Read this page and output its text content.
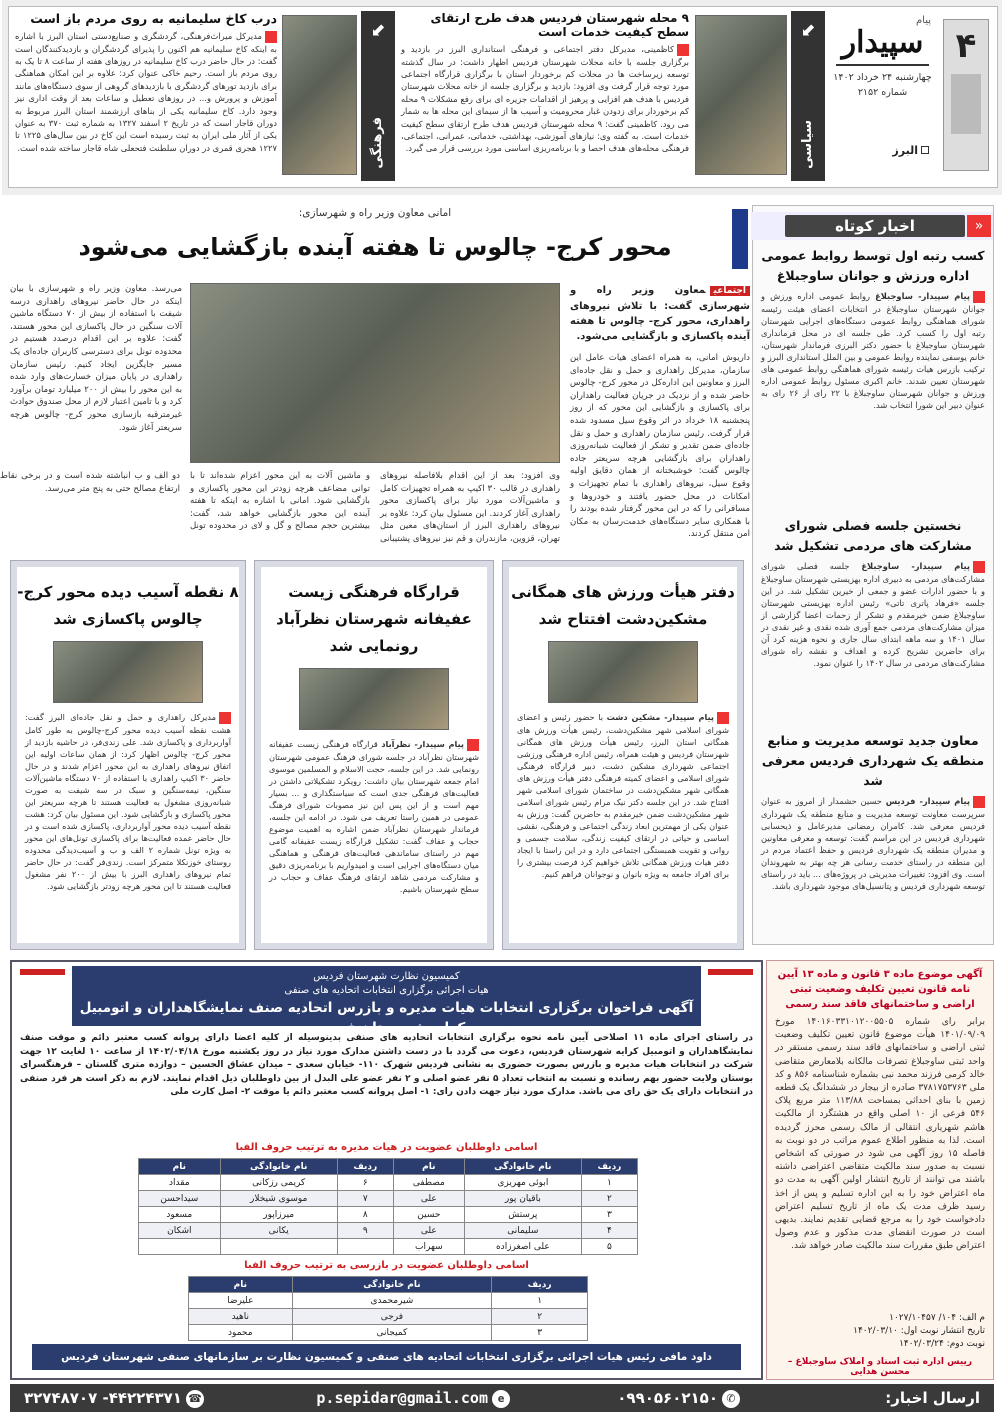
۴
پیام
سپیدار
چهارشنبه ۲۴ خرداد ۱۴۰۲
شماره ۲۱۵۲
البرز
⬋
سیاسی
۹ محله شهرستان فردیس هدف طرح ارتقای سطح کیفیت خدمات است
کاظمینی، مدیرکل دفتر اجتماعی و فرهنگی استانداری البرز در بازدید و برگزاری جلسه با خانه محلات شهرستان فردیس اظهار داشت: در سال گذشته توسعه زیرساخت ها در محلات کم برخوردار استان با برگزاری قرارگاه اجتماعی مورد توجه قرار گرفت وی افزود: بازدید و برگزاری جلسه از خانه محلات شهرستان فردیس با هدف هم افزایی و پرهیز از اقدامات جزیره ای برای رفع مشکلات ۹ محله کم برخوردار برای زدودن غبار محرومیت و آسیب ها از سیمای این محله ها به شمار می رود. کاظمینی گفت: ۹ محله شهرستان فردیس هدف طرح ارتقای سطح کیفیت خدمات است. به گفته وی: نیازهای آموزشی، بهداشتی، خدماتی، عمرانی، اجتماعی، فرهنگی محله‌های هدف احصا و با برنامه‌ریزی اساسی مورد بررسی قرار می گیرد.
⬋
فرهنگی
درب کاخ سلیمانیه به روی مردم باز است
مدیرکل میراث‌فرهنگی، گردشگری و صنایع‌دستی استان البرز با اشاره به اینکه کاخ سلیمانیه هم اکنون را پذیرای گردشگران و بازدیدکنندگان است گفت: در حال حاضر درب کاخ سلیمانیه در روزهای هفته از ساعت ۸ تا یک به روی مردم باز است. رحیم خاکی عنوان کرد: علاوه بر این امکان هماهنگی برای بازدید تورهای گردشگری با بازدیدهای گروهی از سوی دستگاه‌های مانند آموزش و پرورش و... در روزهای تعطیل و ساعات بعد از وقت اداری نیز وجود دارد. کاخ سلیمانیه یکی از بناهای ارزشمند استان البرز مربوط به دوران قاجار است که در تاریخ ۲ اسفند ۱۳۲۷ به شماره ثبت ۳۷۰ به عنوان یکی از آثار ملی ایران به ثبت رسیده است این کاخ در بین سال‌های ۱۲۲۵ تا ۱۲۲۷ هجری قمری در دوران سلطنت فتحعلی شاه قاجار ساخته شده است.
امانی معاون وزیر راه و شهرسازی:
محور کرج- چالوس تا هفته آینده بازگشایی می‌شود
اجتماعیمعاون وزیر راه و شهرسازی گفت: با تلاش نیروهای راهداری، محور کرج- چالوس تا هفته آینده پاکسازی و بازگشایی می‌شود.
داریوش امانی، به همراه اعضای هیات عامل این سازمان، مدیرکل راهداری و حمل و نقل جاده‌ای البرز و معاونین این اداره‌کل در محور کرج- چالوس حاضر شده و از نزدیک در جریان فعالیت راهداران برای پاکسازی و بازگشایی این محور که از روز پنجشنبه ۱۸ خرداد در اثر وقوع سیل مسدود شده قرار گرفت. رئیس سازمان راهداری و حمل و نقل جاده‌ای ضمن تقدیر و تشکر از فعالیت شبانه‌روزی راهداران برای بازگشایی هرچه سریعتر جاده چالوس گفت: خوشبختانه از همان دقایق اولیه وقوع سیل، نیروهای راهداری با تمام تجهیزات و امکانات در محل حضور یافتند و خودروها و مسافرانی را که در این محور گرفتار شده بودند را با همکاری سایر دستگاه‌های خدمت‌رسان به مکان امن منتقل کردند.
وی افزود: بعد از این اقدام بلافاصله نیروهای راهداری در قالب ۳۰ اکیپ به همراه تجهیزات کامل و ماشین‌آلات مورد نیاز برای پاکسازی محور راهداری آغاز کردند. این مسئول بیان کرد: علاوه بر نیروهای راهداری البرز از استان‌های معین مثل تهران، قزوین، مازندران و قم نیز نیروهای پشتیبانی و ماشین آلات به این محور اعزام شده‌اند تا با توانی مضاعف هرچه زودتر این محور پاکسازی و بازگشایی شود. امانی با اشاره به اینکه تا هفته آینده این محور بازگشایی خواهد شد، گفت: بیشترین حجم مصالح و گل و لای در محدوده تونل دو الف و ب انباشته شده است و در برخی نقاط ارتفاع مصالح حتی به پنج متر می‌رسد.
می‌رسد. معاون وزیر راه و شهرسازی با بیان اینکه در حال حاضر نیروهای راهداری درسه شیفت با استفاده از بیش از ۷۰ دستگاه ماشین آلات سنگین در حال پاکسازی این محور هستند، گفت: علاوه بر این اقدام درصدد هستیم در محدوده تونل برای دسترسی کاربران جاده‌ای یک مسیر جایگزین ایجاد کنیم. رئیس سازمان راهداری در پایان میزان خسارت‌های وارد شده به این محور را بیش از ۲۰۰ میلیارد تومان برآورد کرد و با تامین اعتبار لازم از محل صندوق حوادث غیرمترقبه بازسازی محور کرج- چالوس هرچه سریعتر آغاز شود.
«
اخبار کوتاه
کسب رتبه اول توسط روابط عمومی اداره ورزش و جوانان ساوجبلاغ
پیام سپیدار- ساوجبلاغ روابط عمومی اداره ورزش و جوانان شهرستان ساوجبلاغ در انتخابات اعضای هیئت رئیسه شورای هماهنگی روابط عمومی دستگاه‌های اجرایی شهرستان رتبه اول را کسب کرد. طی جلسه ای در محل فرمانداری شهرستان ساوجبلاغ با حضور دکتر البرزی فرماندار شهرستان، خانم یوسفی نماینده روابط عمومی و بین الملل استانداری البرز و ترکیب بازرس هیات رئیسه شورای هماهنگی روابط عمومی های شهرستان تعیین شدند. خانم اکبری مسئول روابط عمومی اداره ورزش و جوانان شهرستان ساوجبلاغ با ۲۲ رای از ۲۶ رای به عنوان دبیر این شورا انتخاب شد.
نخستین جلسه فصلی شورای مشارکت های مردمی تشکیل شد
پیام سپیدار- ساوجبلاغ جلسه فصلی شورای مشارکت‌های مردمی به دبیری اداره بهزیستی شهرستان ساوجبلاغ و با حضور ادارات عضو و جمعی از خیرین تشکیل شد. در این جلسه «فرهاد پاتری تاتی» رئیس اداره بهزیستی شهرستان ساوجبلاغ ضمن خیرمقدم و تشکر از زحمات اعضا گزارشی از میزان مشارکت‌های مردمی جمع آوری شده نقدی و غیر نقدی در سال ۱۴۰۱ و سه ماهه ابتدای سال جاری و نحوه هزینه کرد آن برای حاضرین تشریح کرده و اهداف و نقشه راه شورای مشارکت‌های مردمی در سال ۱۴۰۲ را عنوان نمود.
معاون جدید توسعه مدیریت و منابع منطقه یک شهرداری فردیس معرفی شد
پیام سپیدار- فردیس حسین حشمدار از امروز به عنوان سرپرست معاونت توسعه مدیریت و منابع منطقه یک شهرداری فردیس معرفی شد. کامران رمضانی مدیرعامل و ذیحسابی شهرداری فردیس در این مراسم گفت: توسعه و معرفی معاونین و مدیران منطقه یک شهرداری فردیس و حفظ اعتماد مردم در این منطقه در راستای خدمت رسانی هر چه بهتر به شهروندان است. وی افزود: تغییرات مدیریتی در پروژه‌های ... باید در راستای توسعه شهرداری فردیس و پتانسیل‌های موجود شهرداری باشد.
دفتر هیأت ورزش های همگانی مشکین‌دشت افتتاح شد
پیام سپیدار- مشکین دشت با حضور رئیس و اعضای شورای اسلامی شهر مشکین‌دشت، رئیس هیأت ورزش های همگانی استان البرز، رئیس هیأت ورزش های همگانی شهرستان فردیس و هیئت همراه، رئیس اداره فرهنگی ورزشی اجتماعی شهرداری مشکین دشت، دبیر قرارگاه فرهنگی شورای اسلامی و اعضای کمیته فرهنگی دفتر هیأت ورزش های همگانی شهر مشکین‌دشت در ساختمان شورای اسلامی شهر افتتاح شد. در این جلسه دکتر نیک مرام رئیس شورای اسلامی شهر مشکین‌دشت ضمن خیرمقدم به حاضرین گفت: ورزش به عنوان یکی از مهمترین ابعاد زندگی اجتماعی و فرهنگی، نقشی اساسی و حیاتی در ارتقای کیفیت زندگی، سلامت جسمی و روانی و تقویت همبستگی اجتماعی دارد و در این راستا با ایجاد دفتر هیات ورزش همگانی تلاش خواهیم کرد فرصت بیشتری را برای افراد جامعه به ویژه بانوان و نوجوانان فراهم کنیم.
قرارگاه فرهنگی زیست عفیفانه شهرستان نظرآباد رونمایی شد
پیام سپیدار- نظرآباد قرارگاه فرهنگی زیست عفیفانه شهرستان نظرآباد در جلسه شورای فرهنگ عمومی شهرستان رونمایی شد. در این جلسه، حجت الاسلام و المسلمین موسوی امام جمعه شهرستان بیان داشت: رویکرد تشکیلاتی داشتن در فعالیت‌های فرهنگی جدی است که سیاستگذاری و ... بسیار مهم است و از این پس این نیز مصوبات شورای فرهنگ عمومی در همین راستا تعریف می شود. در ادامه این جلسه، فرماندار شهرستان نظرآباد ضمن اشاره به اهمیت موضوع حجاب و عفاف گفت: تشکیل قرارگاه زیست عفیفانه گامی مهم در راستای ساماندهی فعالیت‌های فرهنگی و هماهنگی میان دستگاه‌های اجرایی است و امیدواریم با برنامه‌ریزی دقیق و مشارکت مردمی شاهد ارتقای فرهنگ عفاف و حجاب در سطح شهرستان باشیم.
۸ نقطه آسیب دیده محور کرج- چالوس پاکسازی شد
مدیرکل راهداری و حمل و نقل جاده‌ای البرز گفت: هشت نقطه آسیب دیده محور کرج-چالوس به طور کامل آواربرداری و پاکسازی شد. علی زندی‌فر، در حاشیه بازدید از محور کرج- چالوس اظهار کرد: از همان ساعات اولیه این اتفاق نیروهای راهداری به این محور اعزام شدند و در حال حاضر ۳۰ اکیپ راهداری با استفاده از ۷۰ دستگاه ماشین‌آلات سنگین، نیمه‌سنگین و سبک در سه شیفت به صورت شبانه‌روزی مشغول به فعالیت هستند تا هرچه سریعتر این محور پاکسازی و بازگشایی شود. این مسئول بیان کرد: هشت نقطه آسیب دیده محور آواربرداری، پاکسازی شده است و در حال حاضر عمده فعالیت‌ها برای پاکسازی تونل‌های این محور به ویژه تونل شماره ۲ الف و ب و آسیب‌دیدگی محدوده روستای خوزنکلا متمرکز است. زندی‌فر گفت: در حال حاضر تمام نیروهای راهداری البرز با بیش از ۲۰۰ نفر مشغول فعالیت هستند تا این محور هرچه زودتر بازگشایی شود.
کمیسیون نظارت شهرستان فردیس
هیات اجرائی برگزاری انتخابات اتحادیه های صنفی
آگهی فراخوان برگزاری انتخابات هیات مدیره و بازرس اتحادیه صنف نمایشگاهداران و اتومبیل کرایه شهرستان فردیس
در راستای اجرای ماده ۱۱ اصلاحی آیین نامه نحوه برگزاری انتخابات اتحادیه های صنفی بدینوسیله از کلیه اعضا دارای پروانه کسب معتبر دائم و موقت صنف نمایشگاهداران و اتومبیل کرایه شهرستان فردیس، دعوت می گردد با در دست داشتن مدارک مورد نیاز در روز یکشنبه مورخ ۱۴۰۲/۰۴/۱۸ از ساعت ۱۰ لغایت ۱۲ جهت شرکت در انتخابات هیات مدیره و بازرس بصورت حضوری به نشانی فردیس شهرک ۱۱۰- خیابان سعدی – میدان عشاق الحسین – دوازده متری گلستان – فرهنگسرای بوستان ولایت حضور بهم رسانده و نسبت به انتخاب تعداد ۵ نفر عضو اصلی و ۲ نفر عضو علی البدل از بین داوطلبان ذیل اقدام نمایند. لازم به ذکر است هر فرد صنفی در انتخابات دارای یک حق رای می باشد. مدارک مورد نیاز جهت دادن رای: ۱- اصل پروانه کسب معتبر دائم یا موقت ۲- اصل کارت ملی
اسامی داوطلبان عضویت در هیات مدیره به ترتیب حروف الفبا
ردیف	نام خانوادگی	نام	ردیف	نام خانوادگی	نام
۱	ابوئی مهریزی	مصطفی	۶	کریمی رزکانی	مقداد
۲	باقیان پور	علی	۷	موسوی شیخلار	سیداحسن
۳	پرستش	حسین	۸	میرزاپور	مسعود
۴	سلیمانی	علی	۹	یکانی	اشکان
۵	علی اصغرزاده	سهراب			
اسامی داوطلبان عضویت در بازرسی به ترتیب حروف الفبا
ردیف	نام خانوادگی	نام
۱	شیرمحمدی	علیرضا
۲	فرجی	ناهید
۳	کمیجانی	محمود
داود مافی رئیس هیات اجرائی برگزاری انتخابات اتحادیه های صنفی و کمیسیون نظارت بر سازمانهای صنفی شهرستان فردیس
آگهی موضوع ماده ۳ قانون و ماده ۱۳ آیین نامه قانون تعیین تکلیف وضعیت ثبتی اراضی و ساختمانهای فاقد سند رسمی
برابر رای شماره ۱۴۰۱۶۰۳۳۱۰۱۲۰۰۵۵۰۵ مورخ ۱۴۰۱/۰۹/۰۹ هیأت موضوع قانون تعیین تکلیف وضعیت ثبتی اراضی و ساختمانهای فاقد سند رسمی مستقر در واحد ثبتی ساوجبلاغ تصرفات مالکانه بلامعارض متقاضی خالد کرمی فرزند محمد نبی بشماره شناسنامه ۸۵۶ و کد ملی ۳۷۸۱۷۵۳۷۶۳ صادره از بیجار در ششدانگ یک قطعه زمین با بنای احداثی بمساحت ۱۱۳/۸۸ متر مربع پلاک ۵۴۶ فرعی از ۱۰ اصلی واقع در هشتگرد از مالکیت هاشم شهریاری انتقالی از مالک رسمی محرز گردیده است. لذا به منظور اطلاع عموم مراتب در دو نوبت به فاصله ۱۵ روز آگهی می شود در صورتی که اشخاص نسبت به صدور سند مالکیت متقاضی اعتراضی داشته باشند می توانند از تاریخ انتشار اولین آگهی به مدت دو ماه اعتراض خود را به این اداره تسلیم و پس از اخذ رسید ظرف مدت یک ماه از تاریخ تسلیم اعتراض دادخواست خود را به مرجع قضایی تقدیم نمایند. بدیهی است در صورت انقضای مدت مذکور و عدم وصول اعتراض طبق مقررات سند مالکیت صادر خواهد شد.
م الف: ۱۰۴/ ۱۰۲۷/۱۰۴۵۷
تاریخ انتشار نوبت اول: ۱۴۰۲/۰۳/۱۰
نوبت دوم: ۱۴۰۲/۰۳/۲۴
رییس اداره ثبت اسناد و املاک ساوجبلاغ – محسن هدایی
ارسال اخبار:
✆۰۹۹۰۵۶۰۲۱۵۰
ep.sepidar@gmail.com
☎۴۴۲۲۴۳۷۱- ۳۲۷۴۸۷۰۷
